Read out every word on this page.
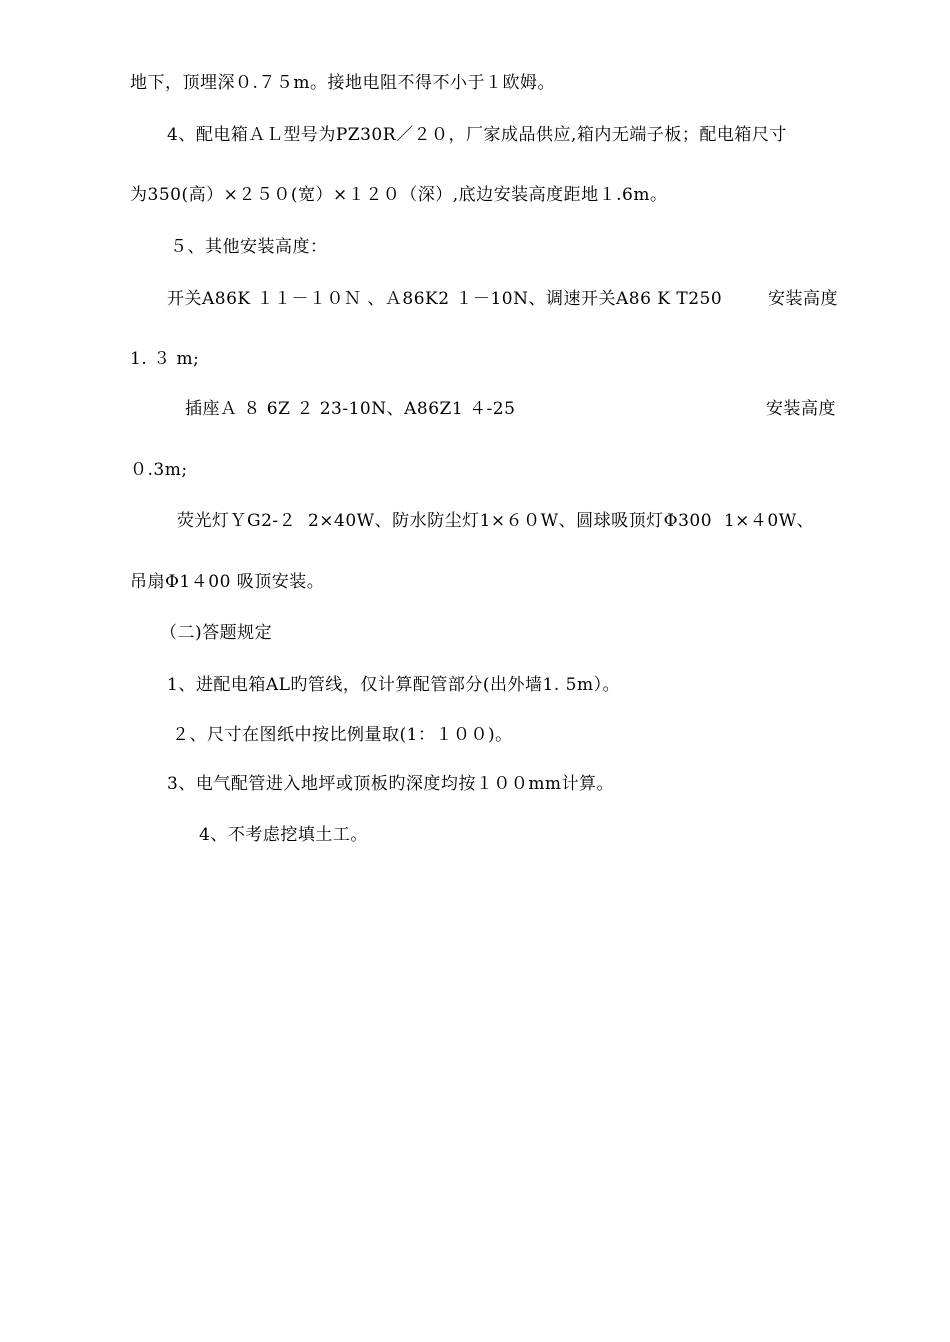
地下，顶埋深０.７５m。接地电阻不得不小于１欧姆。
4、配电箱ＡＬ型号为PZ30R／２０，厂家成品供应,箱内无端子板；配电箱尺寸
为350(高）×２５０(宽）×１２０（深）,底边安装高度距地１.6m。
５、其他安装高度：
开关A86K １１－１０Ｎ 、Ａ86K2 １－10N、调速开关A86 K T250	安装高度
1. ３ m;
插座Ａ ８ 6Z ２ 23-10N、A86Z1 ４-25	安装高度
０.3m;
荧光灯ＹG2-２  2×40W、防水防尘灯1×６０W、圆球吸顶灯Φ300  1×４0W、
吊扇Φ1４00 吸顶安装。
（二)答题规定
1、进配电箱AL旳管线，仅计算配管部分(出外墙1. 5m）。
２、尺寸在图纸中按比例量取(1：１００)。
3、电气配管进入地坪或顶板旳深度均按１００mm计算。
4、不考虑挖填土工。
